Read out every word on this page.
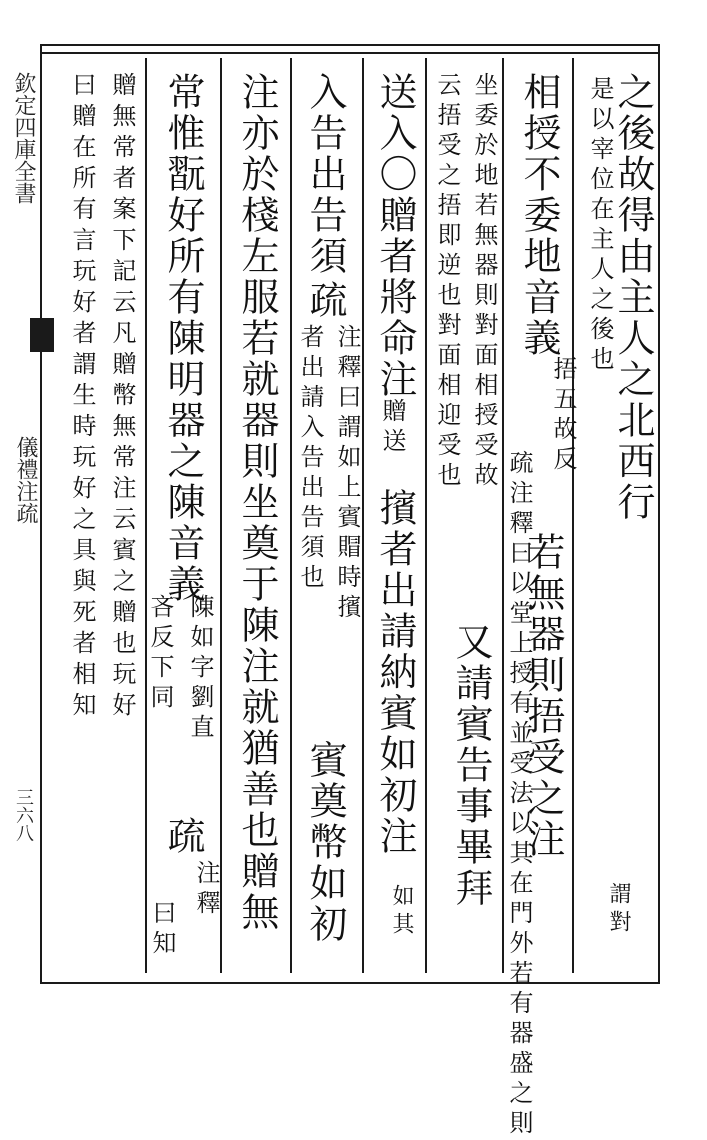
欽定四庫全書
儀禮注疏
三六八
之後故得由主人之北西行
是以宰位在主人之後也
若無器則捂受之注
謂對
相授不委地音義
捂五故反
疏注釋曰以堂上授有並受法以其在門外若有器盛之則
坐委於地若無器則對面相授受故
云捂受之捂即逆也對面相迎受也
又請賓告事畢拜
送入〇贈者將命注
贈送
擯者出請納賓如初注
如其
入告出告須
疏
注釋曰謂如上賓賵時擯
者出請入告出告須也
賓奠幣如初
注亦於棧左服若就器則坐奠于陳注就猶善也贈無
常惟翫好所有陳明器之陳音義
陳如字劉直
吝反下同
疏
注釋
曰知
贈無常者案下記云凡贈幣無常注云賓之贈也玩好
曰贈在所有言玩好者謂生時玩好之具與死者相知
